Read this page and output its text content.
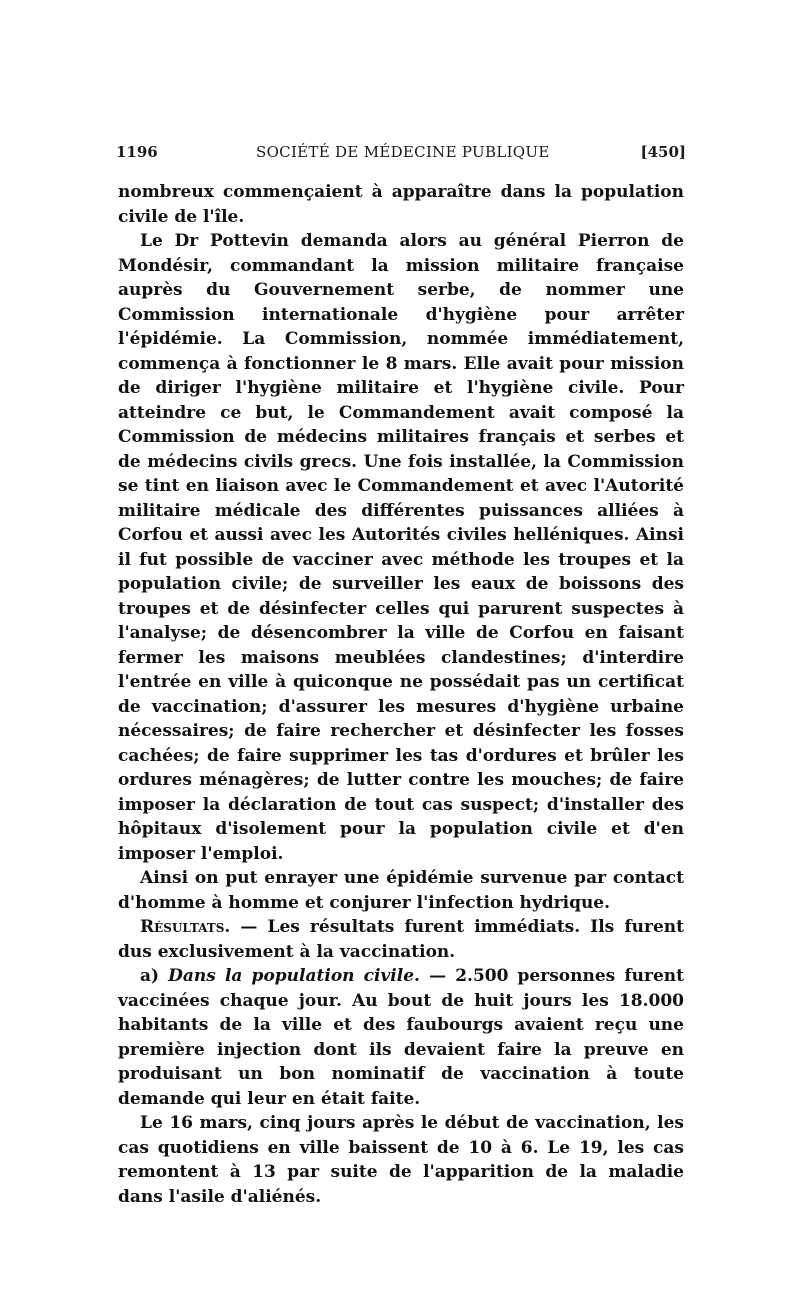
1196	SOCIÉTÉ DE MÉDECINE PUBLIQUE	[450]

nombreux commençaient à apparaître dans la population civile de l'île.

Le Dr Pottevin demanda alors au général Pierron de Mondésir, commandant la mission militaire française auprès du Gouvernement serbe, de nommer une Commission internationale d'hygiène pour arrêter l'épidémie. La Commission, nommée immédiatement, commença à fonctionner le 8 mars. Elle avait pour mission de diriger l'hygiène militaire et l'hygiène civile. Pour atteindre ce but, le Commandement avait composé la Commission de médecins militaires français et serbes et de médecins civils grecs. Une fois installée, la Commission se tint en liaison avec le Commandement et avec l'Autorité militaire médicale des différentes puissances alliées à Corfou et aussi avec les Autorités civiles helléniques. Ainsi il fut possible de vacciner avec méthode les troupes et la population civile; de surveiller les eaux de boissons des troupes et de désinfecter celles qui parurent suspectes à l'analyse; de désencombrer la ville de Corfou en faisant fermer les maisons meublées clandestines; d'interdire l'entrée en ville à quiconque ne possédait pas un certificat de vaccination; d'assurer les mesures d'hygiène urbaine nécessaires; de faire rechercher et désinfecter les fosses cachées; de faire supprimer les tas d'ordures et brûler les ordures ménagères; de lutter contre les mouches; de faire imposer la déclaration de tout cas suspect; d'installer des hôpitaux d'isolement pour la population civile et d'en imposer l'emploi.

Ainsi on put enrayer une épidémie survenue par contact d'homme à homme et conjurer l'infection hydrique.

Résultats. — Les résultats furent immédiats. Ils furent dus exclusivement à la vaccination.

a) Dans la population civile. — 2.500 personnes furent vaccinées chaque jour. Au bout de huit jours les 18.000 habitants de la ville et des faubourgs avaient reçu une première injection dont ils devaient faire la preuve en produisant un bon nominatif de vaccination à toute demande qui leur en était faite.

Le 16 mars, cinq jours après le début de vaccination, les cas quotidiens en ville baissent de 10 à 6. Le 19, les cas remontent à 13 par suite de l'apparition de la maladie dans l'asile d'aliénés.
